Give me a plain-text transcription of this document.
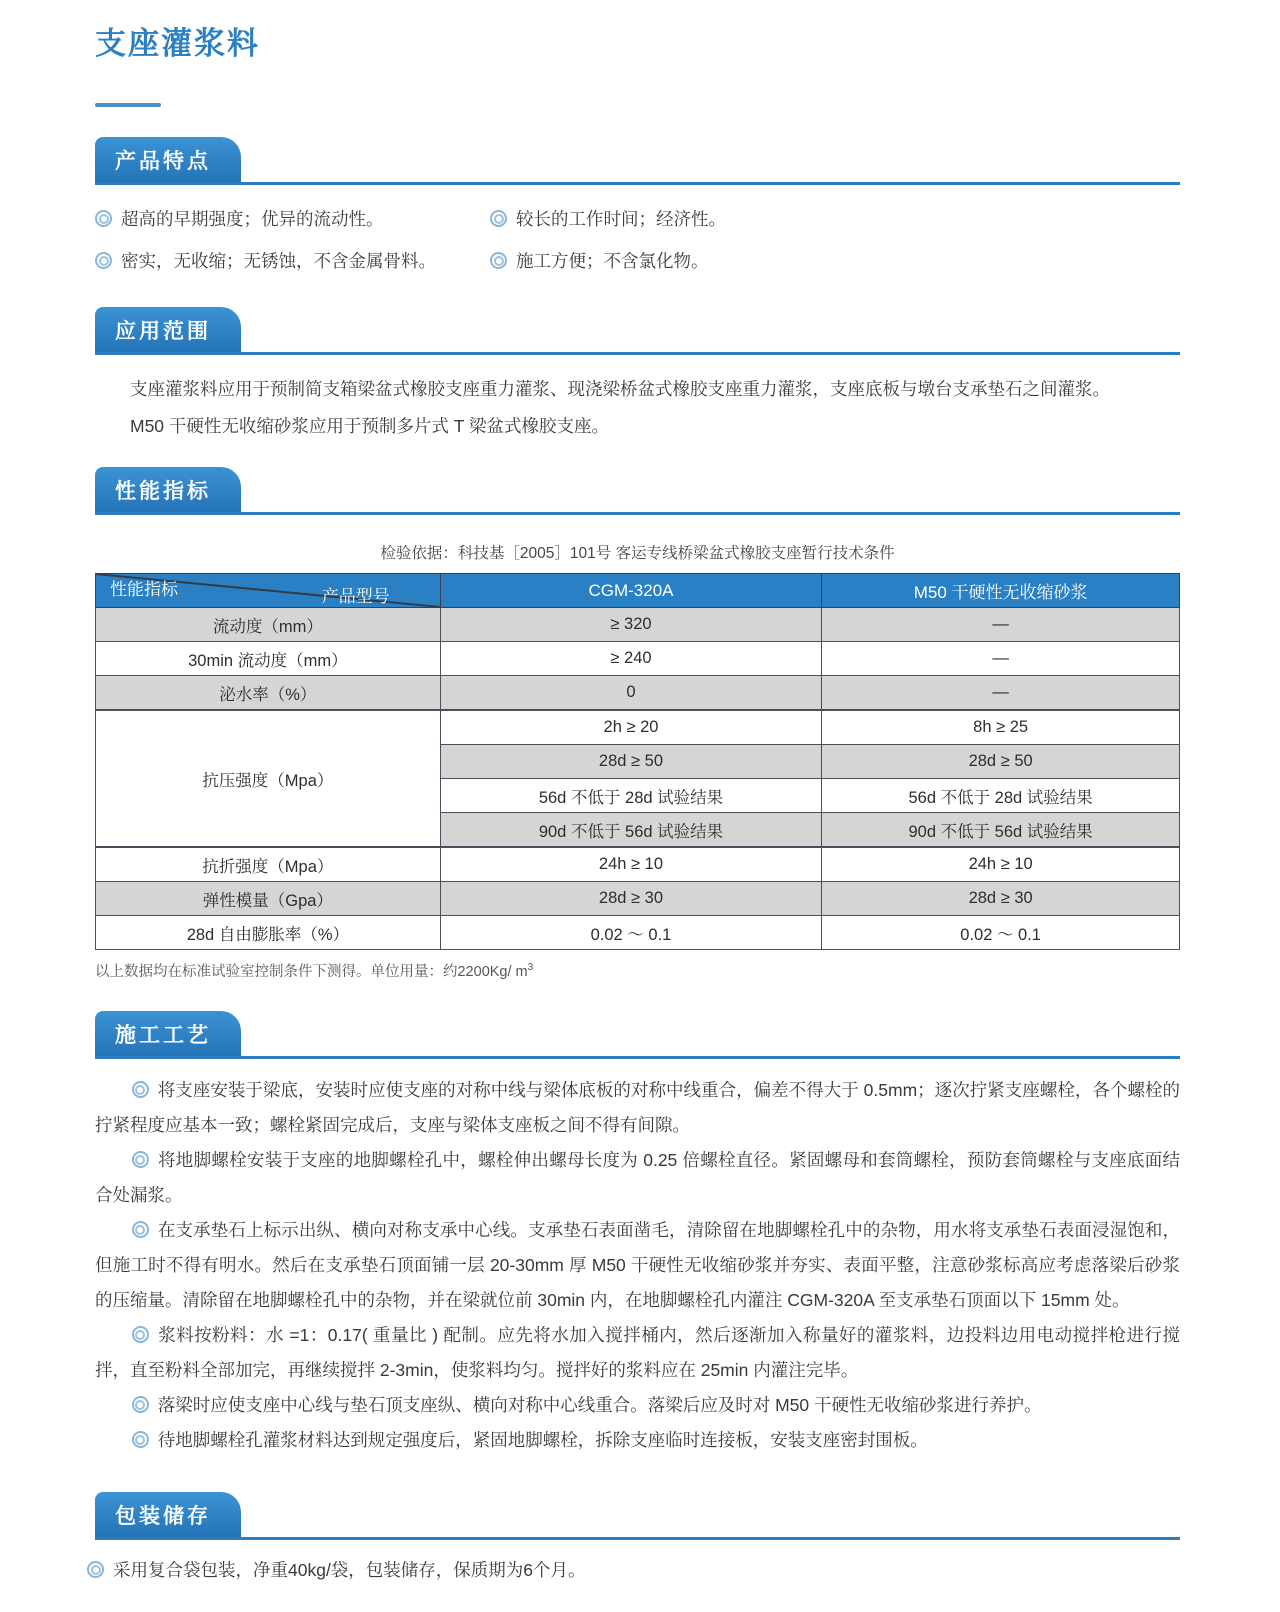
支座灌浆料
产品特点
超高的早期强度；优异的流动性。	较长的工作时间；经济性。
密实，无收缩；无锈蚀，不含金属骨料。	施工方便；不含氯化物。
应用范围

支座灌浆料应用于预制简支箱梁盆式橡胶支座重力灌浆、现浇梁桥盆式橡胶支座重力灌浆，支座底板与墩台支承垫石之间灌浆。

M50 干硬性无收缩砂浆应用于预制多片式 T 梁盆式橡胶支座。

性能指标
检验依据：科技基［2005］101号 客运专线桥梁盆式橡胶支座暂行技术条件
产品型号
性能指标	CGM-320A	M50 干硬性无收缩砂浆
流动度（mm）	≥ 320	—
30min 流动度（mm）	≥ 240	—
泌水率（%）	0	—
抗压强度（Mpa）	2h ≥ 20	8h ≥ 25
	28d ≥ 50	28d ≥ 50
	56d 不低于 28d 试验结果	56d 不低于 28d 试验结果
	90d 不低于 56d 试验结果	90d 不低于 56d 试验结果
抗折强度（Mpa）	24h ≥ 10	24h ≥ 10
弹性模量（Gpa）	28d ≥ 30	28d ≥ 30
28d 自由膨胀率（%）	0.02 ～ 0.1	0.02 ～ 0.1
以上数据均在标准试验室控制条件下测得。单位用量：约2200Kg/ $m^3$
施工工艺

将支座安装于梁底，安装时应使支座的对称中线与梁体底板的对称中线重合，偏差不得大于 0.5mm；逐次拧紧支座螺栓，各个螺栓的拧紧程度应基本一致；螺栓紧固完成后，支座与梁体支座板之间不得有间隙。

将地脚螺栓安装于支座的地脚螺栓孔中，螺栓伸出螺母长度为 0.25 倍螺栓直径。紧固螺母和套筒螺栓，预防套筒螺栓与支座底面结合处漏浆。

在支承垫石上标示出纵、横向对称支承中心线。支承垫石表面凿毛，清除留在地脚螺栓孔中的杂物，用水将支承垫石表面浸湿饱和，但施工时不得有明水。然后在支承垫石顶面铺一层 20-30mm 厚 M50 干硬性无收缩砂浆并夯实、表面平整，注意砂浆标高应考虑落梁后砂浆的压缩量。清除留在地脚螺栓孔中的杂物，并在梁就位前 30min 内，在地脚螺栓孔内灌注 CGM-320A 至支承垫石顶面以下 15mm 处。

浆料按粉料：水 =1：0.17( 重量比 ) 配制。应先将水加入搅拌桶内，然后逐渐加入称量好的灌浆料，边投料边用电动搅拌枪进行搅拌，直至粉料全部加完，再继续搅拌 2-3min，使浆料均匀。搅拌好的浆料应在 25min 内灌注完毕。

落梁时应使支座中心线与垫石顶支座纵、横向对称中心线重合。落梁后应及时对 M50 干硬性无收缩砂浆进行养护。

待地脚螺栓孔灌浆材料达到规定强度后，紧固地脚螺栓，拆除支座临时连接板，安装支座密封围板。

包装储存

采用复合袋包装，净重40kg/袋，包装储存，保质期为6个月。
